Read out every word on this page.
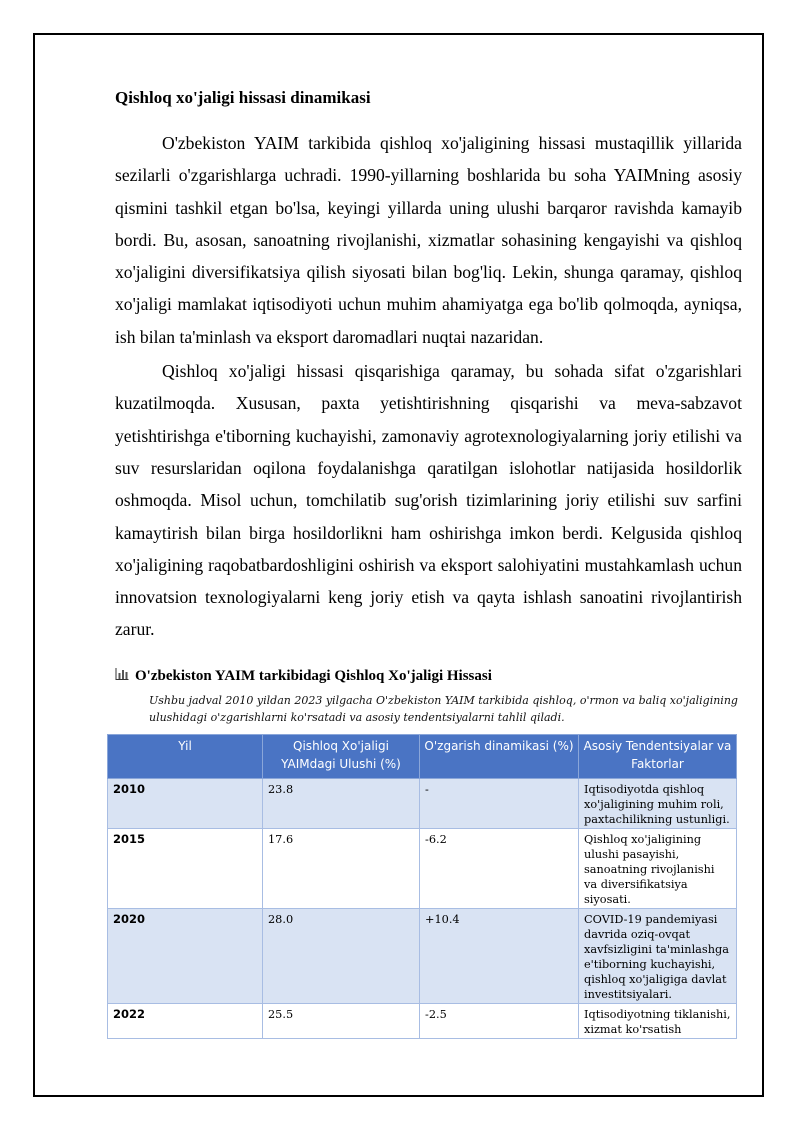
Qishloq xo'jaligi hissasi dinamikasi

O'zbekiston YAIM tarkibida qishloq xo'jaligining hissasi mustaqillik yillarida sezilarli o'zgarishlarga uchradi. 1990-yillarning boshlarida bu soha YAIMning asosiy qismini tashkil etgan bo'lsa, keyingi yillarda uning ulushi barqaror ravishda kamayib bordi. Bu, asosan, sanoatning rivojlanishi, xizmatlar sohasining kengayishi va qishloq xo'jaligini diversifikatsiya qilish siyosati bilan bog'liq. Lekin, shunga qaramay, qishloq xo'jaligi mamlakat iqtisodiyoti uchun muhim ahamiyatga ega bo'lib qolmoqda, ayniqsa, ish bilan ta'minlash va eksport daromadlari nuqtai nazaridan.

Qishloq xo'jaligi hissasi qisqarishiga qaramay, bu sohada sifat o'zgarishlari kuzatilmoqda. Xususan, paxta yetishtirishning qisqarishi va meva-sabzavot yetishtirishga e'tiborning kuchayishi, zamonaviy agrotexnologiyalarning joriy etilishi va suv resurslaridan oqilona foydalanishga qaratilgan islohotlar natijasida hosildorlik oshmoqda. Misol uchun, tomchilatib sug'orish tizimlarining joriy etilishi suv sarfini kamaytirish bilan birga hosildorlikni ham oshirishga imkon berdi. Kelgusida qishloq xo'jaligining raqobatbardoshligini oshirish va eksport salohiyatini mustahkamlash uchun innovatsion texnologiyalarni keng joriy etish va qayta ishlash sanoatini rivojlantirish zarur.

O'zbekiston YAIM tarkibidagi Qishloq Xo'jaligi Hissasi
Ushbu jadval 2010 yildan 2023 yilgacha O'zbekiston YAIM tarkibida qishloq, o'rmon va baliq xo'jaligining ulushidagi o'zgarishlarni ko'rsatadi va asosiy tendentsiyalarni tahlil qiladi.
Yil	Qishloq Xo'jaligi YAIMdagi Ulushi (%)	O'zgarish dinamikasi (%)	Asosiy Tendentsiyalar va Faktorlar
2010	23.8	-	Iqtisodiyotda qishloq xo'jaligining muhim roli, paxtachilikning ustunligi.
2015	17.6	-6.2	Qishloq xo'jaligining ulushi pasayishi, sanoatning rivojlanishi va diversifikatsiya siyosati.
2020	28.0	+10.4	COVID-19 pandemiyasi davrida oziq-ovqat xavfsizligini ta'minlashga e'tiborning kuchayishi, qishloq xo'jaligiga davlat investitsiyalari.
2022	25.5	-2.5	Iqtisodiyotning tiklanishi, xizmat ko'rsatish
